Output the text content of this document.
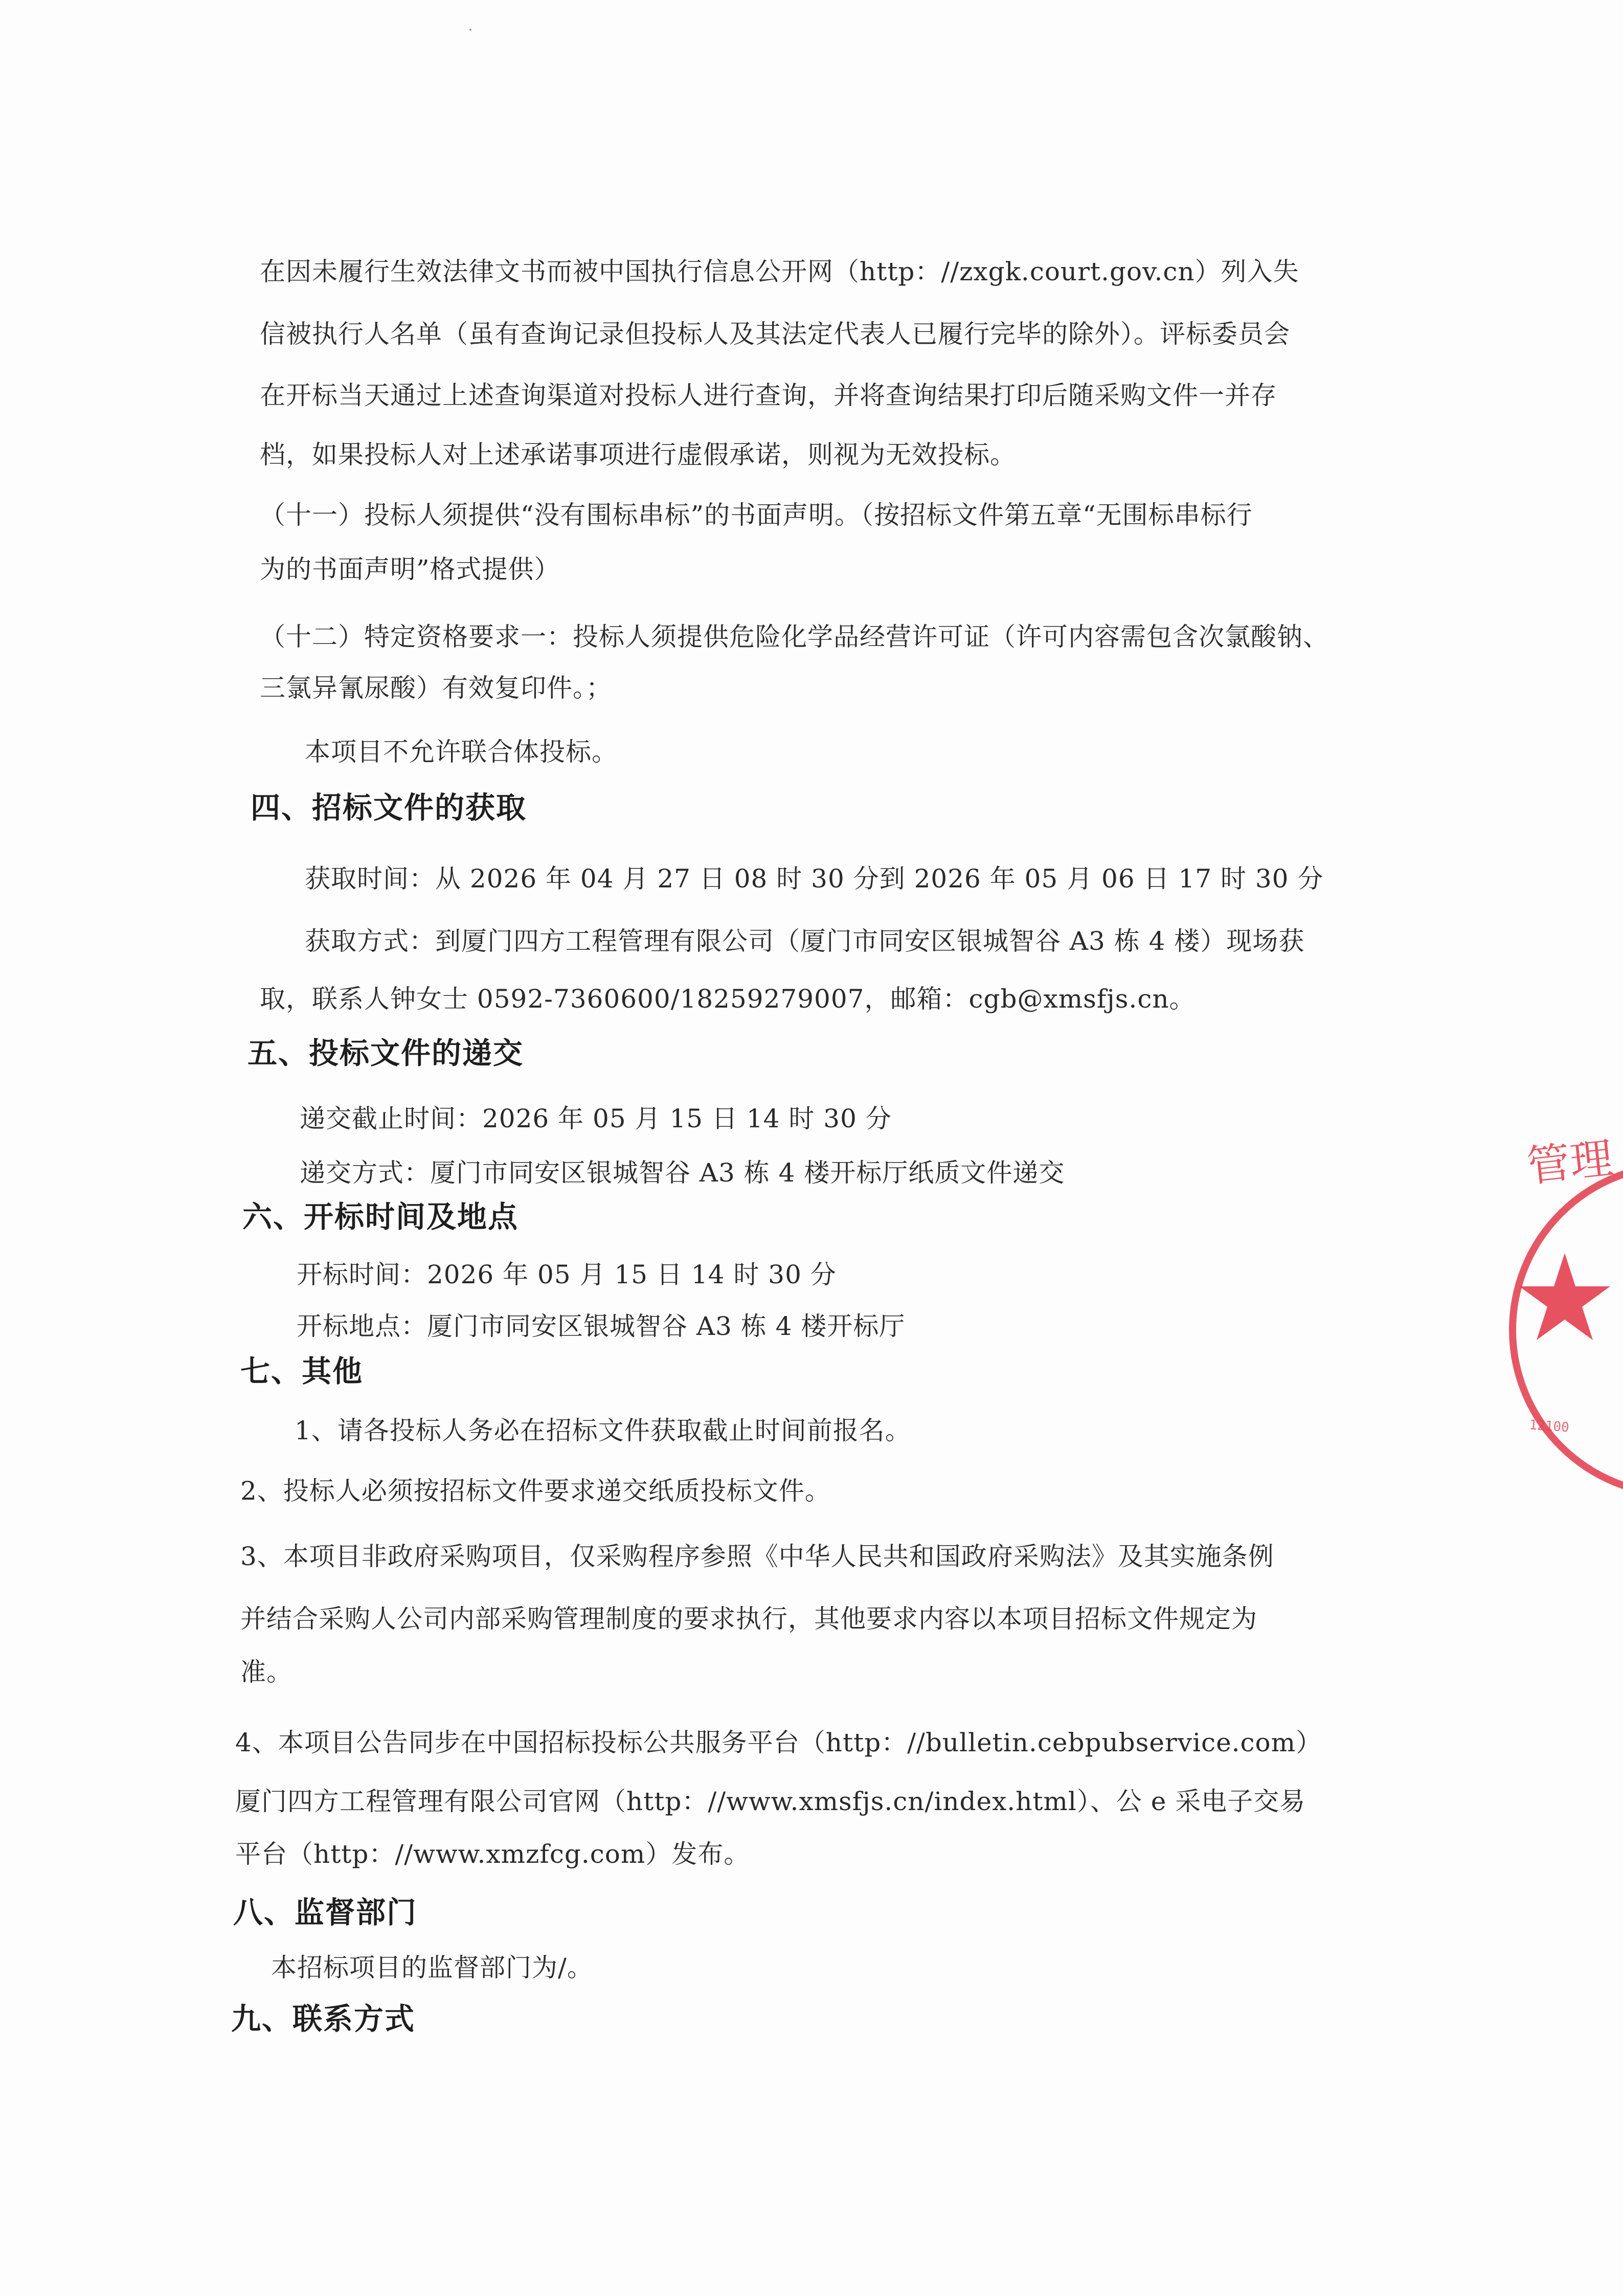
在因未履行生效法律文书而被中国执行信息公开网（http：//zxgk.court.gov.cn）列入失
信被执行人名单（虽有查询记录但投标人及其法定代表人已履行完毕的除外）。评标委员会
在开标当天通过上述查询渠道对投标人进行查询，并将查询结果打印后随采购文件一并存
档，如果投标人对上述承诺事项进行虚假承诺，则视为无效投标。
（十一）投标人须提供“没有围标串标”的书面声明。（按招标文件第五章“无围标串标行
为的书面声明”格式提供）
（十二）特定资格要求一：投标人须提供危险化学品经营许可证（许可内容需包含次氯酸钠、
三氯异氰尿酸）有效复印件。；
本项目不允许联合体投标。
四、招标文件的获取
获取时间：从 2026 年 04 月 27 日 08 时 30 分到 2026 年 05 月 06 日 17 时 30 分
获取方式：到厦门四方工程管理有限公司（厦门市同安区银城智谷 A3 栋 4 楼）现场获
取，联系人钟女士 0592-7360600/18259279007，邮箱：cgb@xmsfjs.cn。
五、投标文件的递交
递交截止时间：2026 年 05 月 15 日 14 时 30 分
递交方式：厦门市同安区银城智谷 A3 栋 4 楼开标厅纸质文件递交
六、开标时间及地点
开标时间：2026 年 05 月 15 日 14 时 30 分
开标地点：厦门市同安区银城智谷 A3 栋 4 楼开标厅
七、其他
1、请各投标人务必在招标文件获取截止时间前报名。
2、投标人必须按招标文件要求递交纸质投标文件。
3、本项目非政府采购项目，仅采购程序参照《中华人民共和国政府采购法》及其实施条例
并结合采购人公司内部采购管理制度的要求执行，其他要求内容以本项目招标文件规定为
准。
4、本项目公告同步在中国招标投标公共服务平台（http：//bulletin.cebpubservice.com）
厦门四方工程管理有限公司官网（http：//www.xmsfjs.cn/index.html）、公 e 采电子交易
平台（http：//www.xmzfcg.com）发布。
八、监督部门
本招标项目的监督部门为/。
九、联系方式
管理
12100
